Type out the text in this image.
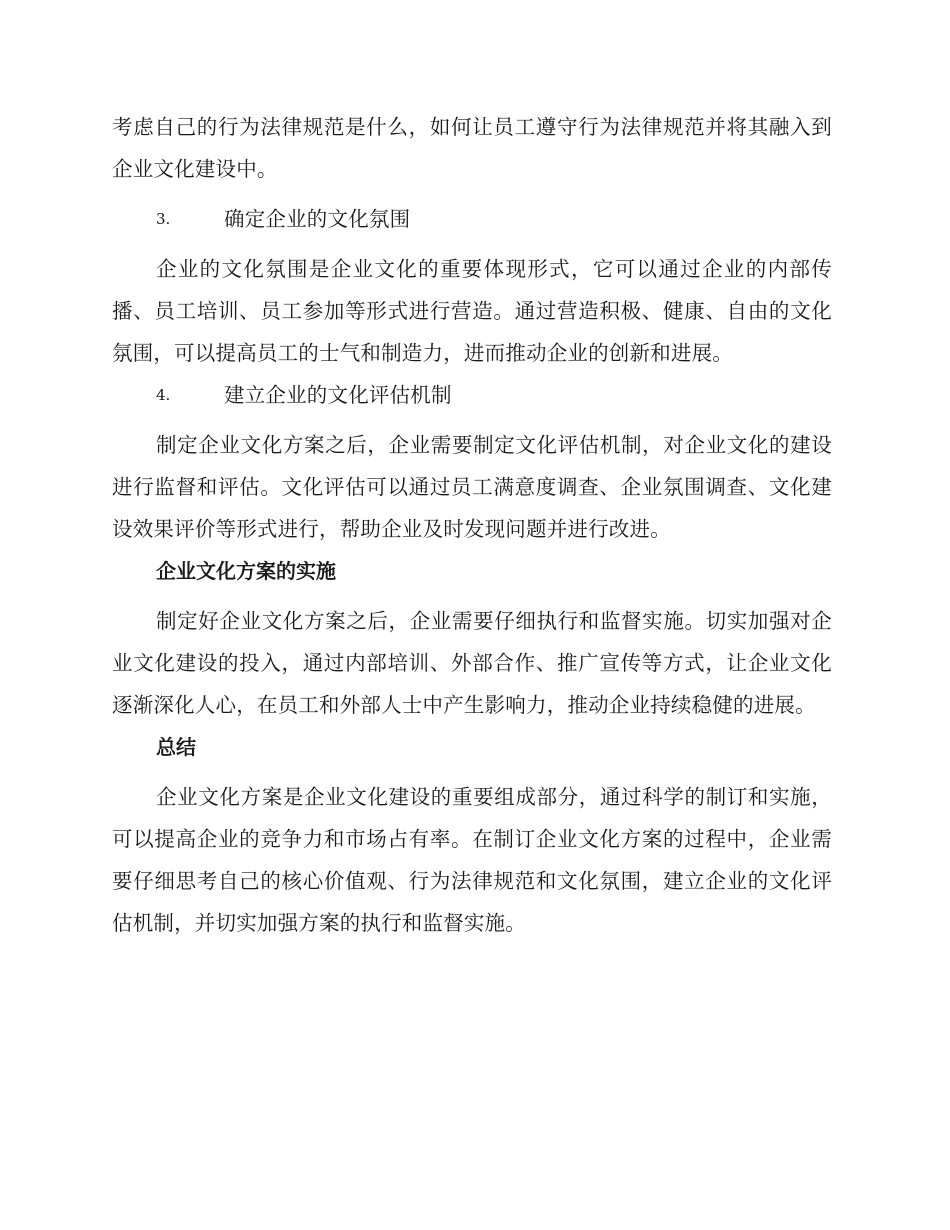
考虑自己的行为法律规范是什么，如何让员工遵守行为法律规范并将其融入到企业文化建设中。

3.	确定企业的文化氛围

企业的文化氛围是企业文化的重要体现形式，它可以通过企业的内部传播、员工培训、员工参加等形式进行营造。通过营造积极、健康、自由的文化氛围，可以提高员工的士气和制造力，进而推动企业的创新和进展。

4.	建立企业的文化评估机制

制定企业文化方案之后，企业需要制定文化评估机制，对企业文化的建设进行监督和评估。文化评估可以通过员工满意度调查、企业氛围调查、文化建设效果评价等形式进行，帮助企业及时发现问题并进行改进。

企业文化方案的实施

制定好企业文化方案之后，企业需要仔细执行和监督实施。切实加强对企业文化建设的投入，通过内部培训、外部合作、推广宣传等方式，让企业文化逐渐深化人心，在员工和外部人士中产生影响力，推动企业持续稳健的进展。

总结

企业文化方案是企业文化建设的重要组成部分，通过科学的制订和实施，可以提高企业的竞争力和市场占有率。在制订企业文化方案的过程中，企业需要仔细思考自己的核心价值观、行为法律规范和文化氛围，建立企业的文化评估机制，并切实加强方案的执行和监督实施。
